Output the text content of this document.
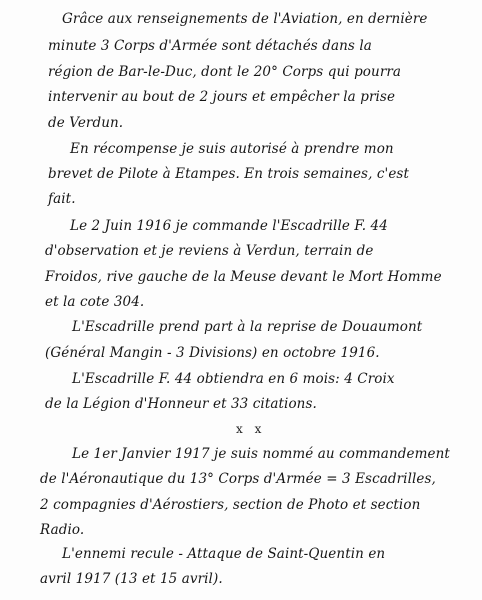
Grâce aux renseignements de l'Aviation, en dernière
minute 3 Corps d'Armée sont détachés dans la
région de Bar-le-Duc, dont le 20° Corps qui pourra
intervenir au bout de 2 jours et empêcher la prise
de Verdun.
En récompense je suis autorisé à prendre mon
brevet de Pilote à Etampes. En trois semaines, c'est
fait.
Le 2 Juin 1916 je commande l'Escadrille F. 44
d'observation et je reviens à Verdun, terrain de
Froidos, rive gauche de la Meuse devant le Mort Homme
et la cote 304.
L'Escadrille prend part à la reprise de Douaumont
(Général Mangin - 3 Divisions) en octobre 1916.
L'Escadrille F. 44 obtiendra en 6 mois: 4 Croix
de la Légion d'Honneur et 33 citations.
x x
Le 1er Janvier 1917 je suis nommé au commandement
de l'Aéronautique du 13° Corps d'Armée = 3 Escadrilles,
2 compagnies d'Aérostiers, section de Photo et section
Radio.
L'ennemi recule - Attaque de Saint-Quentin en
avril 1917 (13 et 15 avril).
